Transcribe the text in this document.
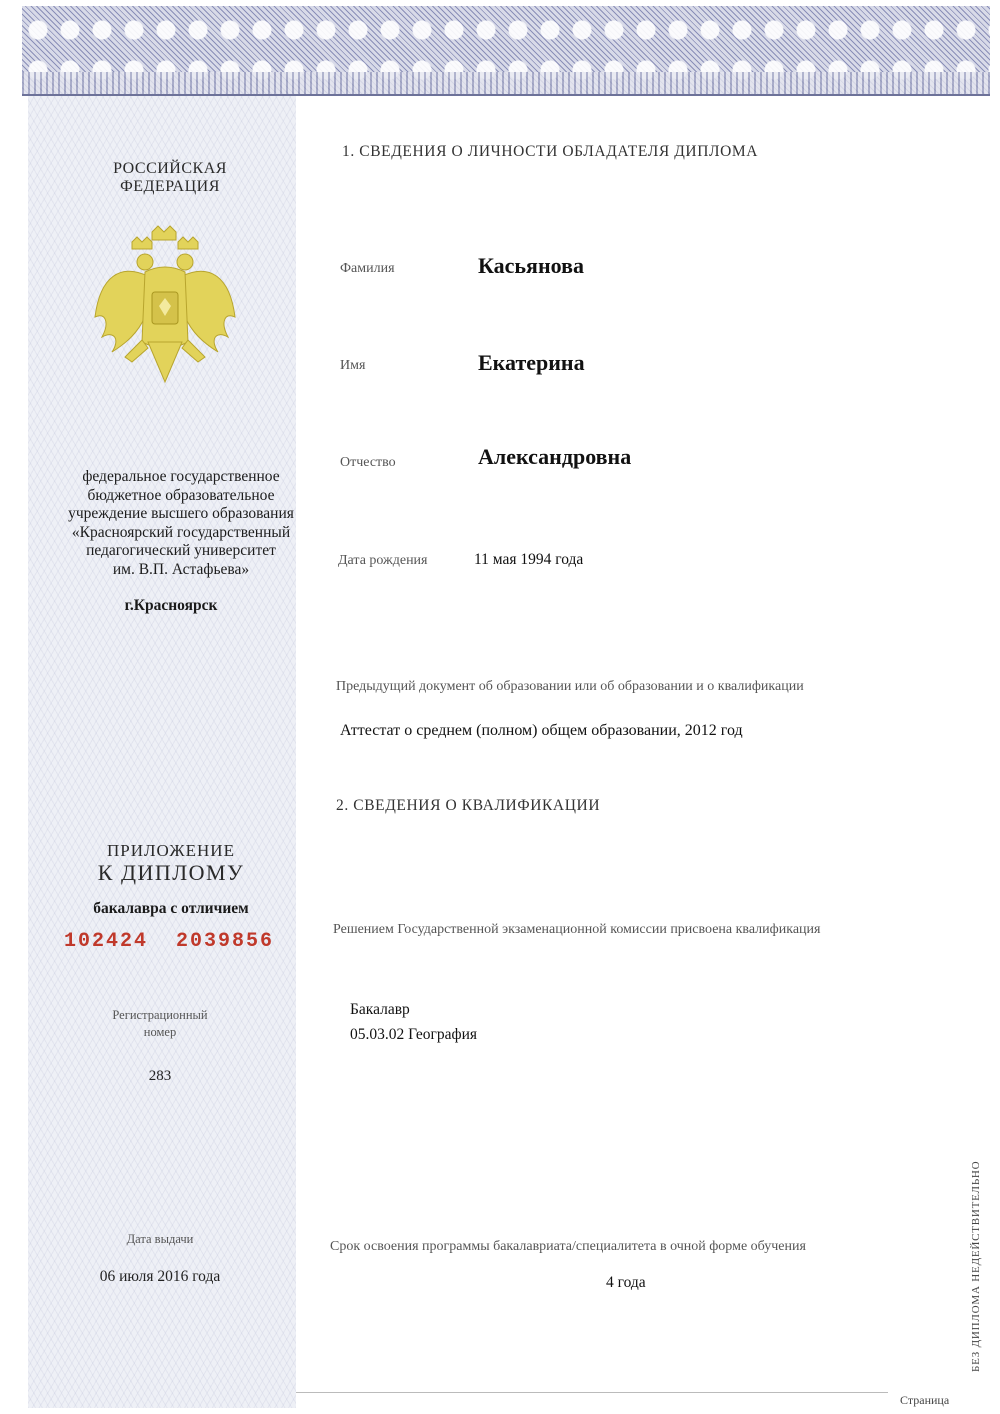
РОССИЙСКАЯ
ФЕДЕРАЦИЯ
федеральное государственное
бюджетное образовательное
учреждение высшего образования
«Красноярский государственный
педагогический университет
им. В.П. Астафьева»
г.Красноярск
ПРИЛОЖЕНИЕ
К ДИПЛОМУ
бакалавра с отличием
102424 2039856
Регистрационный
номер
283
Дата выдачи
06 июля 2016 года
1. СВЕДЕНИЯ О ЛИЧНОСТИ ОБЛАДАТЕЛЯ ДИПЛОМА
Фамилия	Касьянова
Имя	Екатерина
Отчество	Александровна
Дата рождения	11 мая 1994 года
Предыдущий документ об образовании или об образовании и о квалификации
Аттестат о среднем (полном) общем образовании, 2012 год
2. СВЕДЕНИЯ О КВАЛИФИКАЦИИ
Решением Государственной экзаменационной комиссии присвоена квалификация
Бакалавр
05.03.02 География
Срок освоения программы бакалавриата/специалитета в очной форме обучения
4 года	БЕЗ ДИПЛОМА НЕДЕЙСТВИТЕЛЬНО
Страница
